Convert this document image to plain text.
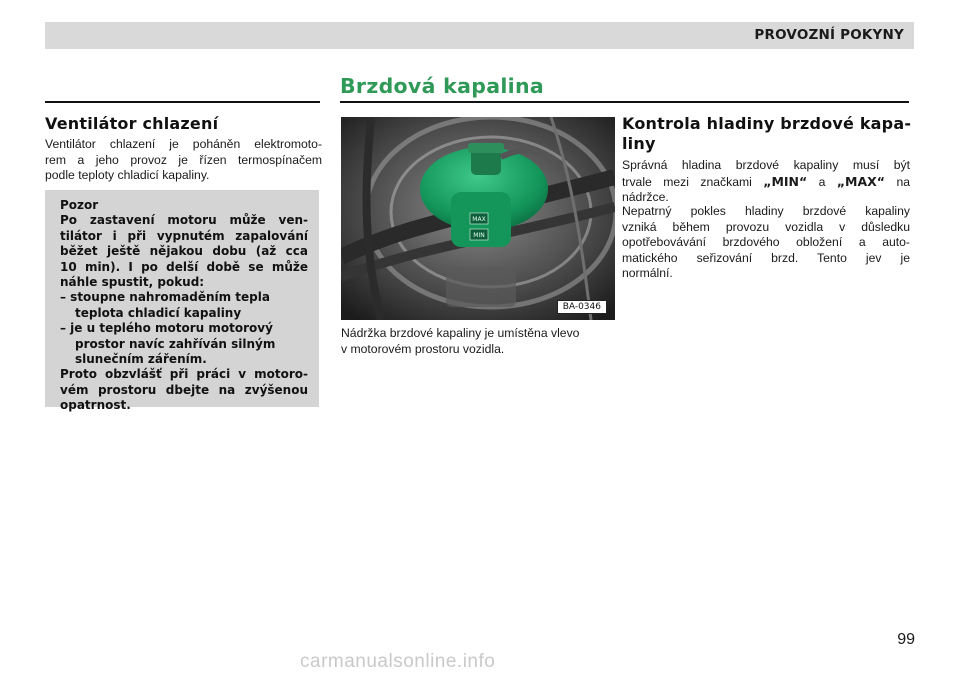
PROVOZNÍ POKYNY
Brzdová kapalina
Ventilátor chlazení
Ventilátor chlazení je poháněn elektromoto-
rem a jeho provoz je řízen termospínačem
podle teploty chladicí kapaliny.
Pozor
Po zastavení motoru může ven-
tilátor i při vypnutém zapalování
běžet ještě nějakou dobu (až cca
10 min). I po delší době se může
náhle spustit, pokud:
– stoupne nahromaděním tepla
teplota chladicí kapaliny
– je u teplého motoru motorový
prostor navíc zahříván silným
slunečním zářením.
Proto obzvlášť při práci v motoro-
vém prostoru dbejte na zvýšenou
opatrnost.
MAX
MIN
BA-0346
Nádržka brzdové kapaliny je umístěna vlevo
v motorovém prostoru vozidla.
Kontrola hladiny brzdové kapa-
liny
Správná hladina brzdové kapaliny musí být
trvale mezi značkami „MIN“ a „MAX“ na
nádržce.
Nepatrný pokles hladiny brzdové kapaliny
vzniká během provozu vozidla v důsledku
opotřebovávání brzdového obložení a auto-
matického seřizování brzd. Tento jev je
normální.
99
carmanualsonline.info
